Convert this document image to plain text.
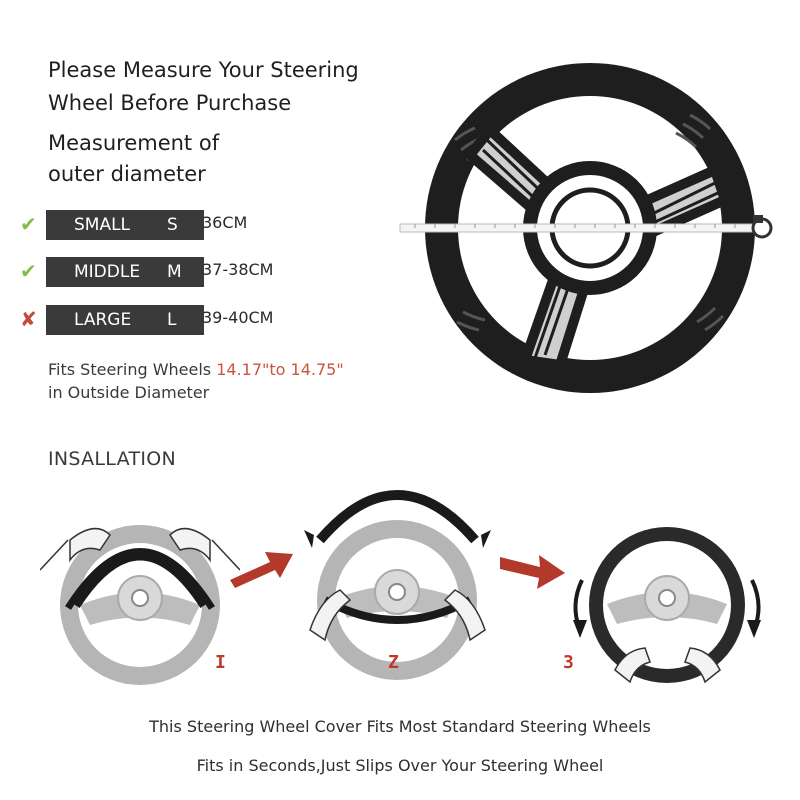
Please Measure Your Steering
Wheel Before Purchase
Measurement of
outer diameter
✔	SMALL S 36CM
✔	MIDDLE M 37-38CM
✘	LARGE L 39-40CM
Fits Steering Wheels 14.17"to 14.75"
in Outside Diameter
INSALLATION
I	Z	3
This Steering Wheel Cover Fits Most Standard Steering Wheels
Fits in Seconds,Just Slips Over Your Steering Wheel
